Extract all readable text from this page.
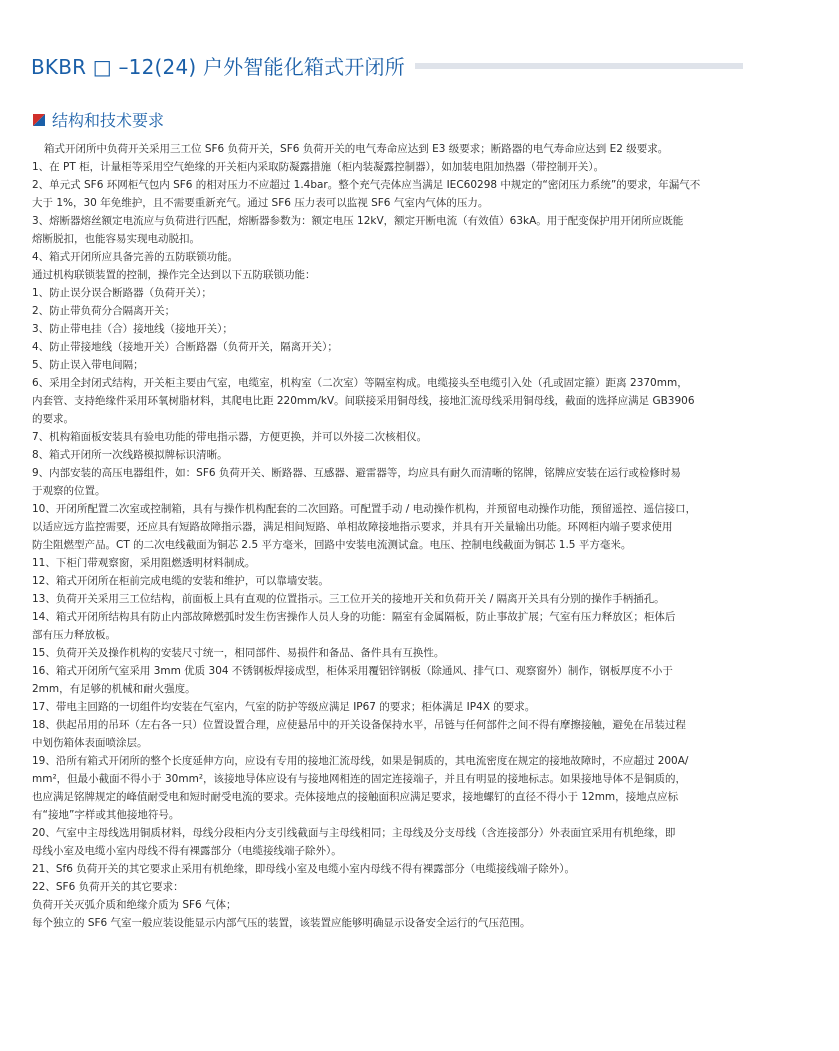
BKBR □ –12(24) 户外智能化箱式开闭所
结构和技术要求
箱式开闭所中负荷开关采用三工位 SF6 负荷开关，SF6 负荷开关的电气寿命应达到 E3 级要求；断路器的电气寿命应达到 E2 级要求。
1、在 PT 柜，计量柜等采用空气绝缘的开关柜内采取防凝露措施（柜内装凝露控制器），如加装电阻加热器（带控制开关）。
2、单元式 SF6 环网柜气包内 SF6 的相对压力不应超过 1.4bar。整个充气壳体应当满足 IEC60298 中规定的“密闭压力系统”的要求，年漏气不
大于 1%，30 年免维护，且不需要重新充气。通过 SF6 压力表可以监视 SF6 气室内气体的压力。
3、熔断器熔丝额定电流应与负荷进行匹配，熔断器参数为：额定电压 12kV，额定开断电流（有效值）63kA。用于配变保护用开闭所应既能
熔断脱扣，也能容易实现电动脱扣。
4、箱式开闭所应具备完善的五防联锁功能。
通过机构联锁装置的控制，操作完全达到以下五防联锁功能：
1、防止误分误合断路器（负荷开关）；
2、防止带负荷分合隔离开关；
3、防止带电挂（合）接地线（接地开关）；
4、防止带接地线（接地开关）合断路器（负荷开关，隔离开关）；
5、防止误入带电间隔；
6、采用全封闭式结构，开关柜主要由气室，电缆室，机构室（二次室）等隔室构成。电缆接头至电缆引入处（孔或固定箍）距离 2370mm，
内套管、支持绝缘件采用环氧树脂材料，其爬电比距 220mm/kV。间联接采用铜母线，接地汇流母线采用铜母线，截面的选择应满足 GB3906
的要求。
7、机构箱面板安装具有验电功能的带电指示器，方便更换，并可以外接二次核相仪。
8、箱式开闭所一次线路模拟牌标识清晰。
9、内部安装的高压电器组件，如：SF6 负荷开关、断路器、互感器、避雷器等，均应具有耐久而清晰的铭牌，铭牌应安装在运行或检修时易
于观察的位置。
10、开闭所配置二次室或控制箱，具有与操作机构配套的二次回路。可配置手动 / 电动操作机构，并预留电动操作功能，预留遥控、遥信接口，
以适应远方监控需要，还应具有短路故障指示器，满足相间短路、单相故障接地指示要求，并具有开关量输出功能。环网柜内端子要求使用
防尘阻燃型产品。CT 的二次电线截面为铜芯 2.5 平方毫米，回路中安装电流测试盒。电压、控制电线截面为铜芯 1.5 平方毫米。
11、下柜门带观察窗，采用阻燃透明材料制成。
12、箱式开闭所在柜前完成电缆的安装和维护，可以靠墙安装。
13、负荷开关采用三工位结构，前面板上具有直观的位置指示。三工位开关的接地开关和负荷开关 / 隔离开关具有分别的操作手柄插孔。
14、箱式开闭所结构具有防止内部故障燃弧时发生伤害操作人员人身的功能：隔室有金属隔板，防止事故扩展；气室有压力释放区；柜体后
部有压力释放板。
15、负荷开关及操作机构的安装尺寸统一，相同部件、易损件和备品、备件具有互换性。
16、箱式开闭所气室采用 3mm 优质 304 不锈钢板焊接成型，柜体采用覆铝锌钢板（除通风、排气口、观察窗外）制作，钢板厚度不小于
2mm，有足够的机械和耐火强度。
17、带电主回路的一切组件均安装在气室内，气室的防护等级应满足 IP67 的要求；柜体满足 IP4X 的要求。
18、供起吊用的吊环（左右各一只）位置设置合理，应使悬吊中的开关设备保持水平，吊链与任何部件之间不得有摩擦接触，避免在吊装过程
中划伤箱体表面喷涂层。
19、沿所有箱式开闭所的整个长度延伸方向，应设有专用的接地汇流母线，如果是铜质的，其电流密度在规定的接地故障时，不应超过 200A/
mm²，但最小截面不得小于 30mm²，该接地导体应设有与接地网相连的固定连接端子，并且有明显的接地标志。如果接地导体不是铜质的，
也应满足铭牌规定的峰值耐受电和短时耐受电流的要求。壳体接地点的接触面积应满足要求，接地螺钉的直径不得小于 12mm，接地点应标
有“接地”字样或其他接地符号。
20、气室中主母线选用铜质材料，母线分段柜内分支引线截面与主母线相同；主母线及分支母线（含连接部分）外表面宜采用有机绝缘，即
母线小室及电缆小室内母线不得有裸露部分（电缆接线端子除外）。
21、Sf6 负荷开关的其它要求止采用有机绝缘，即母线小室及电缆小室内母线不得有裸露部分（电缆接线端子除外）。
22、SF6 负荷开关的其它要求：
负荷开关灭弧介质和绝缘介质为 SF6 气体；
每个独立的 SF6 气室一般应装设能显示内部气压的装置，该装置应能够明确显示设备安全运行的气压范围。
